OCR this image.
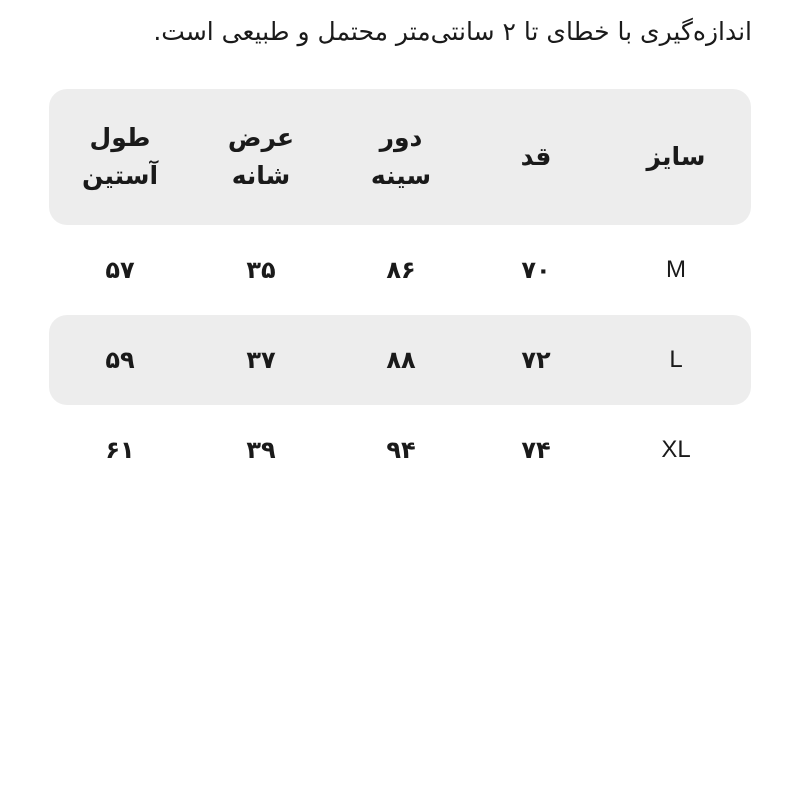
اندازه‌گیری با خطای تا ۲ سانتی‌متر محتمل و طبیعی است.
سایز
قد
دور
سینه
عرض
شانه
طول
آستین
M
۷۰
۸۶
۳۵
۵۷
L
۷۲
۸۸
۳۷
۵۹
XL
۷۴
۹۴
۳۹
۶۱
